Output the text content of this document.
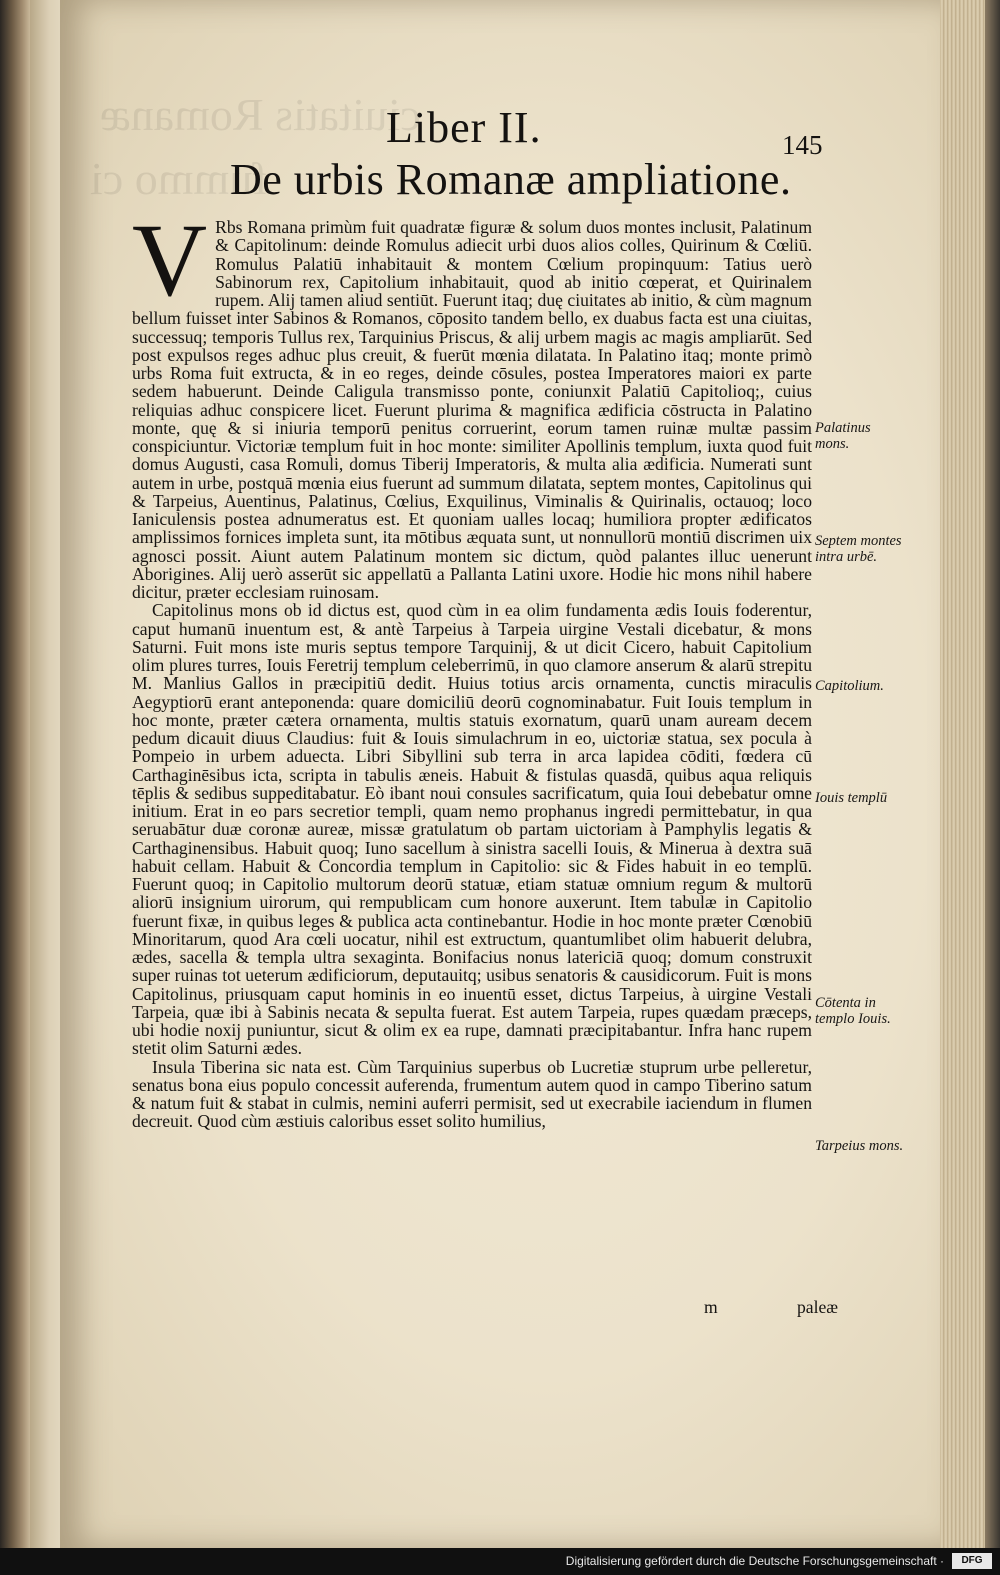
ciuitatis Romanæ
fummo ci
Liber II.	145
De urbis Romanæ ampliatione.
V Rbs Romana primùm fuit quadratæ figuræ & solum duos montes inclusit, Palatinum & Capitolinum: deinde Romulus adiecit urbi duos alios colles, Quirinum & Cœliū. Romulus Palatiū inhabitauit & montem Cœlium propinquum: Tatius uerò Sabinorum rex, Capitolium inhabitauit, quod ab initio cœperat, et Quirinalem rupem. Alij tamen aliud sentiūt. Fuerunt itaq; duę ciuitates ab initio, & cùm magnum bellum fuisset inter Sabinos & Romanos, cōposito tandem bello, ex duabus facta est una ciuitas, successuq; temporis Tullus rex, Tarquinius Priscus, & alij urbem magis ac magis ampliarūt. Sed post expulsos reges adhuc plus creuit, & fuerūt mœnia dilatata. In Palatino itaq; monte primò urbs Roma fuit extructa, & in eo reges, deinde cōsules, postea Imperatores maiori ex parte sedem habuerunt. Deinde Caligula transmisso ponte, coniunxit Palatiū Capitolioq;, cuius reliquias adhuc conspicere licet. Fuerunt plurima & magnifica ædificia cōstructa in Palatino monte, quę & si iniuria temporū penitus corruerint, eorum tamen ruinæ multæ passim conspiciuntur. Victoriæ templum fuit in hoc monte: similiter Apollinis templum, iuxta quod fuit domus Augusti, casa Romuli, domus Tiberij Imperatoris, & multa alia ædificia. Numerati sunt autem in urbe, postquā mœnia eius fuerunt ad summum dilatata, septem montes, Capitolinus qui & Tarpeius, Auentinus, Palatinus, Cœlius, Exquilinus, Viminalis & Quirinalis, octauoq; loco Ianiculensis postea adnumeratus est. Et quoniam ualles locaq; humiliora propter ædificatos amplissimos fornices impleta sunt, ita mōtibus æquata sunt, ut nonnullorū montiū discrimen uix agnosci possit. Aiunt autem Palatinum montem sic dictum, quòd palantes illuc uenerunt Aborigines. Alij uerò asserūt sic appellatū a Pallanta Latini uxore. Hodie hic mons nihil habere dicitur, præter ecclesiam ruinosam.

Capitolinus mons ob id dictus est, quod cùm in ea olim fundamenta ædis Iouis foderentur, caput humanū inuentum est, & antè Tarpeius à Tarpeia uirgine Vestali dicebatur, & mons Saturni. Fuit mons iste muris septus tempore Tarquinij, & ut dicit Cicero, habuit Capitolium olim plures turres, Iouis Feretrij templum celeberrimū, in quo clamore anserum & alarū strepitu M. Manlius Gallos in præcipitiū dedit. Huius totius arcis ornamenta, cunctis miraculis Aegyptiorū erant anteponenda: quare domiciliū deorū cognominabatur. Fuit Iouis templum in hoc monte, præter cætera ornamenta, multis statuis exornatum, quarū unam auream decem pedum dicauit diuus Claudius: fuit & Iouis simulachrum in eo, uictoriæ statua, sex pocula à Pompeio in urbem aduecta. Libri Sibyllini sub terra in arca lapidea cōditi, fœdera cū Carthaginēsibus icta, scripta in tabulis æneis. Habuit & fistulas quasdā, quibus aqua reliquis tēplis & sedibus suppeditabatur. Eò ibant noui consules sacrificatum, quia Ioui debebatur omne initium. Erat in eo pars secretior templi, quam nemo prophanus ingredi permittebatur, in qua seruabātur duæ coronæ aureæ, missæ gratulatum ob partam uictoriam à Pamphylis legatis & Carthaginensibus. Habuit quoq; Iuno sacellum à sinistra sacelli Iouis, & Mineruа à dextra suā habuit cellam. Habuit & Concordia templum in Capitolio: sic & Fides habuit in eo templū. Fuerunt quoq; in Capitolio multorum deorū statuæ, etiam statuæ omnium regum & multorū aliorū insignium uirorum, qui rempublicam cum honore auxerunt. Item tabulæ in Capitolio fuerunt fixæ, in quibus leges & publica acta continebantur. Hodie in hoc monte præter Cœnobiū Minoritarum, quod Ara cœli uocatur, nihil est extructum, quantumlibet olim habuerit delubra, ædes, sacella & templa ultra sexaginta. Bonifacius nonus latericiā quoq; domum construxit super ruinas tot ueterum ædificiorum, deputauitq; usibus senatoris & causidicorum. Fuit is mons Capitolinus, priusquam caput hominis in eo inuentū esset, dictus Tarpeius, à uirgine Vestali Tarpeia, quæ ibi à Sabinis necata & sepulta fuerat. Est autem Tarpeia, rupes quædam præceps, ubi hodie noxij puniuntur, sicut & olim ex ea rupe, damnati præcipitabantur. Infra hanc rupem stetit olim Saturni ædes.

Insula Tiberina sic nata est. Cùm Tarquinius superbus ob Lucretiæ stuprum urbe pelleretur, senatus bona eius populo concessit auferenda, frumentum autem quod in campo Tiberino satum & natum fuit & stabat in culmis, nemini auferri permisit, sed ut execrabile iaciendum in flumen decreuit. Quod cùm æstiuis caloribus esset solito humilius,

Palatinus mons.
Septem montes intra urbē.
Capitolium.
Iouis templū
Cōtenta in templo Iouis.
Tarpeius mons.
m	paleæ
Digitalisierung gefördert durch die Deutsche Forschungsgemeinschaft ·	DFG
